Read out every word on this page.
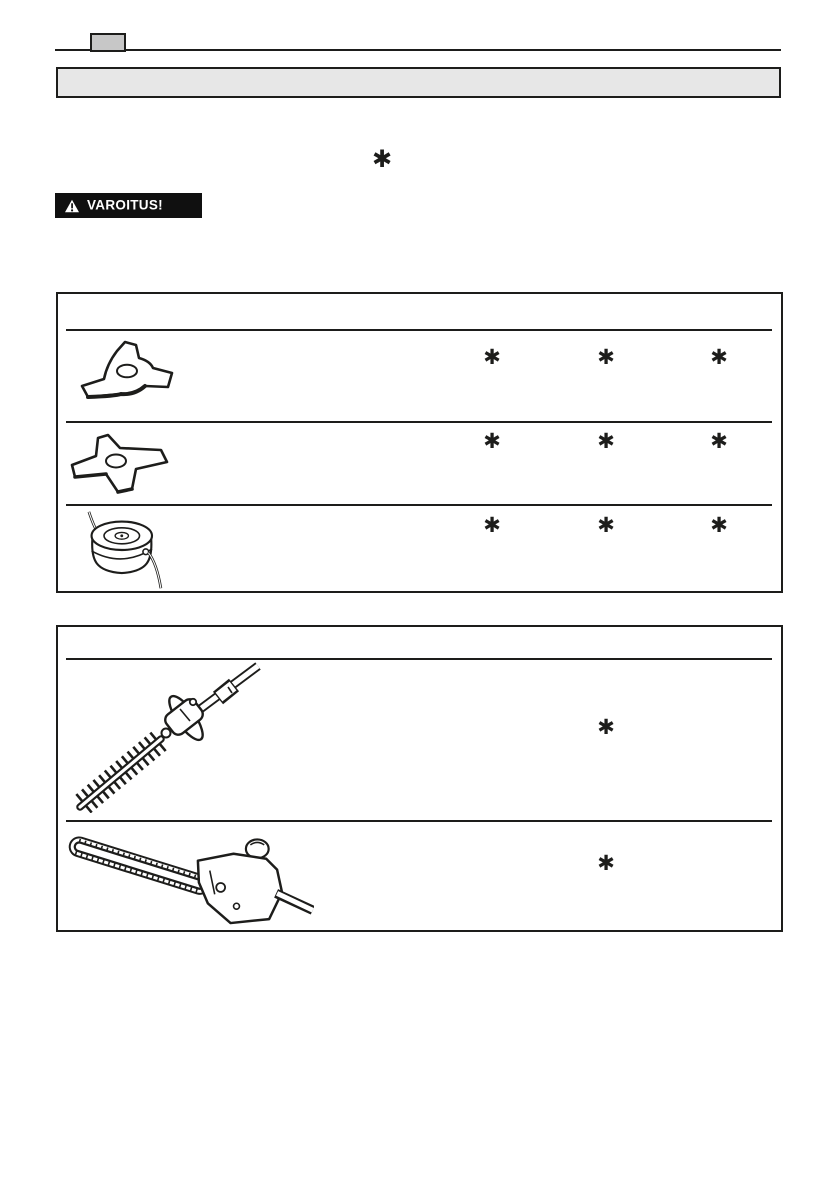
✱
VAROITUS!
✱	✱	✱
✱	✱	✱
✱	✱	✱
✱
✱
